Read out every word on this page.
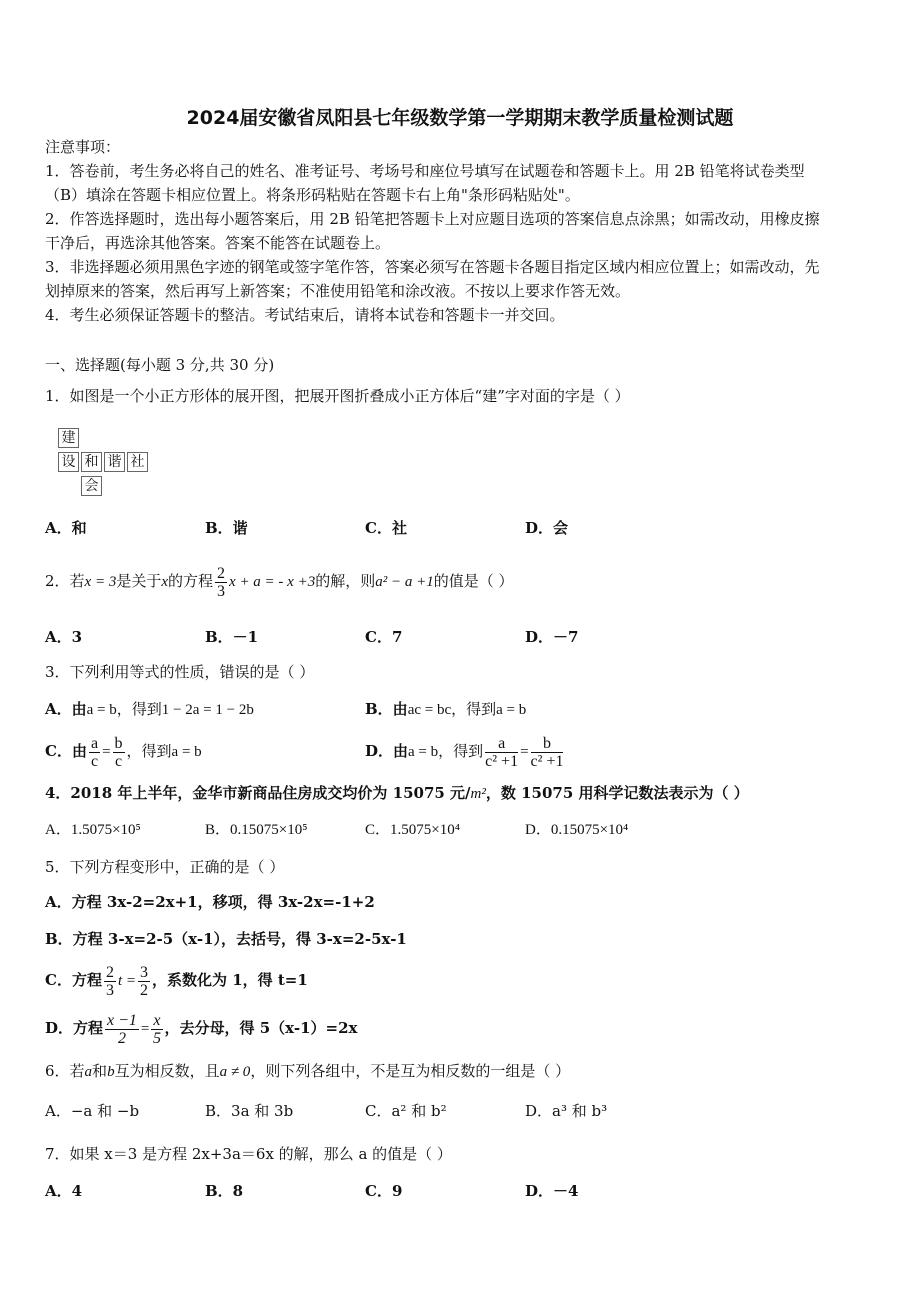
2024届安徽省凤阳县七年级数学第一学期期末教学质量检测试题
注意事项：
1．答卷前，考生务必将自己的姓名、准考证号、考场号和座位号填写在试题卷和答题卡上。用 2B 铅笔将试卷类型
（B）填涂在答题卡相应位置上。将条形码粘贴在答题卡右上角"条形码粘贴处"。
2．作答选择题时，选出每小题答案后，用 2B 铅笔把答题卡上对应题目选项的答案信息点涂黑；如需改动，用橡皮擦
干净后，再选涂其他答案。答案不能答在试题卷上。
3．非选择题必须用黑色字迹的钢笔或签字笔作答，答案必须写在答题卡各题目指定区域内相应位置上；如需改动，先
划掉原来的答案，然后再写上新答案；不准使用铅笔和涂改液。不按以上要求作答无效。
4．考生必须保证答题卡的整洁。考试结束后，请将本试卷和答题卡一并交回。
一、选择题(每小题 3 分,共 30 分)
1．如图是一个小正方形体的展开图，把展开图折叠成小正方体后“建”字对面的字是（ ）
建
设 和 谐 社
会
A．和	B．谐	C．社	D．会
2．若x = 3是关于x的方程 $\frac{2}{3}$ x + a = - x +3的解，则a² − a +1的值是（ ）
A．3	B．－1	C．7	D．－7
3．下列利用等式的性质，错误的是（ ）
A．由a = b，得到1 − 2a = 1 − 2b	B．由ac = bc，得到a = b
C．由 $\frac{a}{c} = \frac{b}{c}$ ，得到a = b	D．由a = b，得到 $\frac{a}{\text{c² +1}} = \frac{b}{\text{c² +1}}$
4．2018 年上半年，金华市新商品住房成交均价为 15075 元/m²，数 15075 用科学记数法表示为（ ）
A．1.5075×10⁵	B．0.15075×10⁵	C．1.5075×10⁴	D．0.15075×10⁴
5．下列方程变形中，正确的是（ ）
A．方程 3x-2=2x+1，移项，得 3x-2x=-1+2
B．方程 3-x=2-5（x-1），去括号，得 3-x=2-5x-1
C．方程 $\frac{2}{3}$ $t = \frac{3}{2}$ ，系数化为 1，得 t=1
D．方程 $\frac{x -1}{2} = \frac{x}{5}$ ，去分母，得 5（x-1）=2x
6．若a和b互为相反数，且a ≠ 0，则下列各组中，不是互为相反数的一组是（ ）
A．−a 和 −b	B．3a 和 3b	C．a² 和 b²	D．a³ 和 b³
7．如果 x＝3 是方程 2x+3a＝6x 的解，那么 a 的值是（ ）
A．4	B．8	C．9	D．－4
